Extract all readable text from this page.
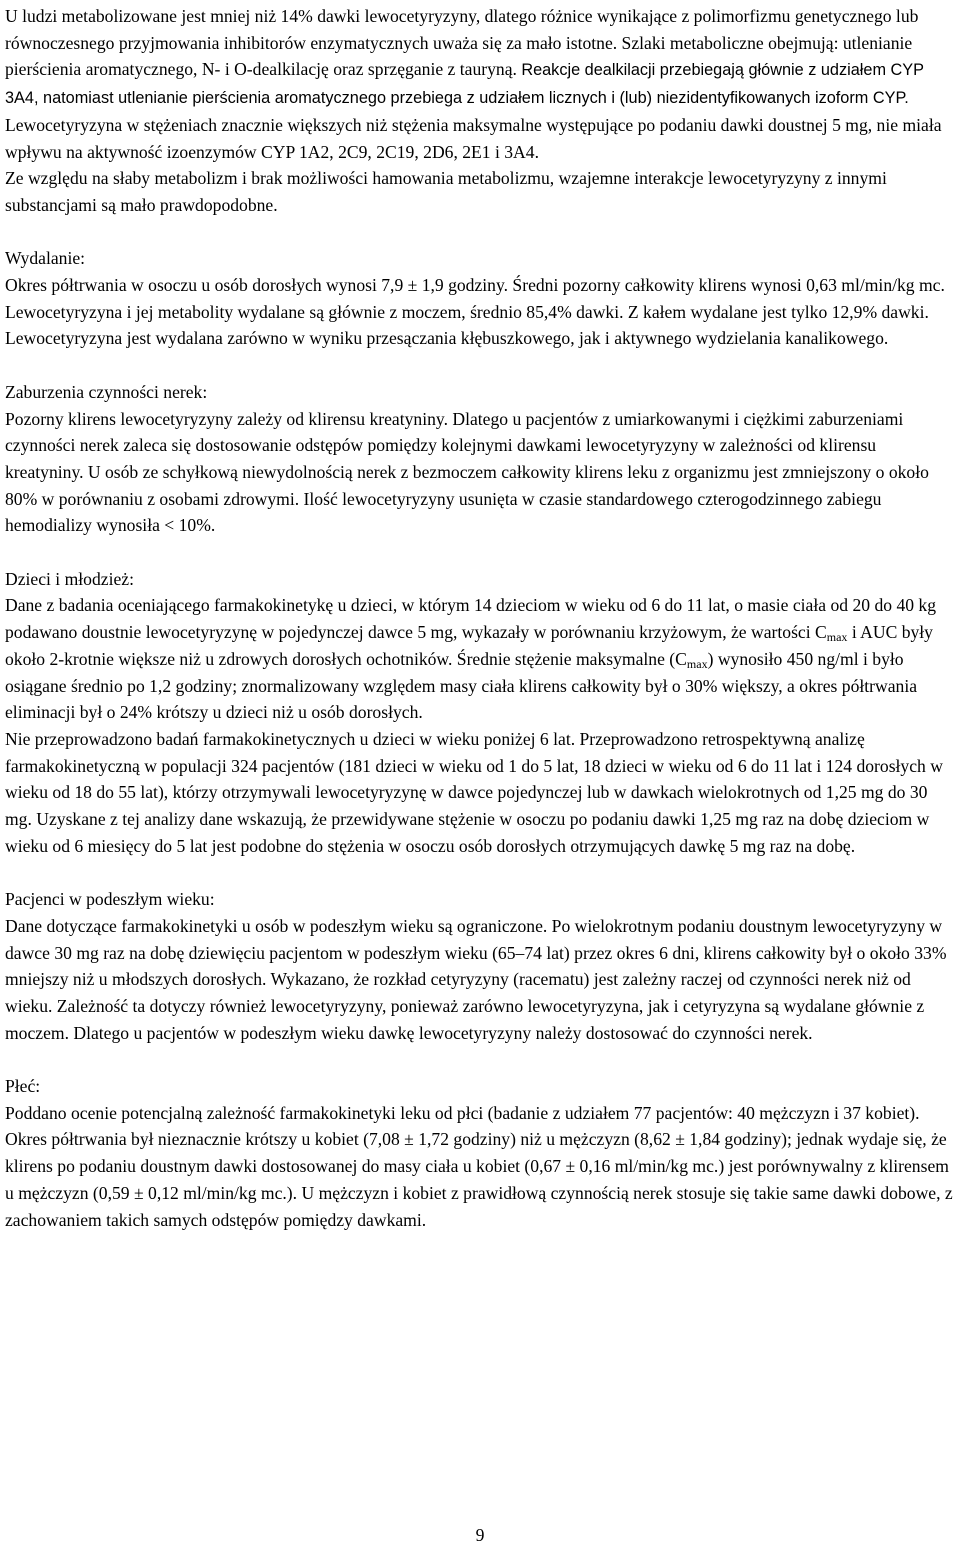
U ludzi metabolizowane jest mniej niż 14% dawki lewocetyryzyny, dlatego różnice wynikające z polimorfizmu genetycznego lub równoczesnego przyjmowania inhibitorów enzymatycznych uważa się za mało istotne. Szlaki metaboliczne obejmują: utlenianie pierścienia aromatycznego, N- i O-dealkilację oraz sprzęganie z tauryną. Reakcje dealkilacji przebiegają głównie z udziałem CYP 3A4, natomiast utlenianie pierścienia aromatycznego przebiega z udziałem licznych i (lub) niezidentyfikowanych izoform CYP. Lewocetyryzyna w stężeniach znacznie większych niż stężenia maksymalne występujące po podaniu dawki doustnej 5 mg, nie miała wpływu na aktywność izoenzymów CYP 1A2, 2C9, 2C19, 2D6, 2E1 i 3A4.

Ze względu na słaby metabolizm i brak możliwości hamowania metabolizmu, wzajemne interakcje lewocetyryzyny z innymi substancjami są mało prawdopodobne.

Wydalanie:

Okres półtrwania w osoczu u osób dorosłych wynosi 7,9 ± 1,9 godziny. Średni pozorny całkowity klirens wynosi 0,63 ml/min/kg mc. Lewocetyryzyna i jej metabolity wydalane są głównie z moczem, średnio 85,4% dawki. Z kałem wydalane jest tylko 12,9% dawki. Lewocetyryzyna jest wydalana zarówno w wyniku przesączania kłębuszkowego, jak i aktywnego wydzielania kanalikowego.

Zaburzenia czynności nerek:

Pozorny klirens lewocetyryzyny zależy od klirensu kreatyniny. Dlatego u pacjentów z umiarkowanymi i ciężkimi zaburzeniami czynności nerek zaleca się dostosowanie odstępów pomiędzy kolejnymi dawkami lewocetyryzyny w zależności od klirensu kreatyniny. U osób ze schyłkową niewydolnością nerek z bezmoczem całkowity klirens leku z organizmu jest zmniejszony o około 80% w porównaniu z osobami zdrowymi. Ilość lewocetyryzyny usunięta w czasie standardowego czterogodzinnego zabiegu hemodializy wynosiła < 10%.

Dzieci i młodzież:

Dane z badania oceniającego farmakokinetykę u dzieci, w którym 14 dzieciom w wieku od 6 do 11 lat, o masie ciała od 20 do 40 kg podawano doustnie lewocetyryzynę w pojedynczej dawce 5 mg, wykazały w porównaniu krzyżowym, że wartości $C_{max}$ i AUC były około 2-krotnie większe niż u zdrowych dorosłych ochotników. Średnie stężenie maksymalne $(C_{max})$ wynosiło 450 ng/ml i było osiągane średnio po 1,2 godziny; znormalizowany względem masy ciała klirens całkowity był o 30% większy, a okres półtrwania eliminacji był o 24% krótszy u dzieci niż u osób dorosłych.

Nie przeprowadzono badań farmakokinetycznych u dzieci w wieku poniżej 6 lat. Przeprowadzono retrospektywną analizę farmakokinetyczną w populacji 324 pacjentów (181 dzieci w wieku od 1 do 5 lat, 18 dzieci w wieku od 6 do 11 lat i 124 dorosłych w wieku od 18 do 55 lat), którzy otrzymywali lewocetyryzynę w dawce pojedynczej lub w dawkach wielokrotnych od 1,25 mg do 30 mg. Uzyskane z tej analizy dane wskazują, że przewidywane stężenie w osoczu po podaniu dawki 1,25 mg raz na dobę dzieciom w wieku od 6 miesięcy do 5 lat jest podobne do stężenia w osoczu osób dorosłych otrzymujących dawkę 5 mg raz na dobę.

Pacjenci w podeszłym wieku:

Dane dotyczące farmakokinetyki u osób w podeszłym wieku są ograniczone. Po wielokrotnym podaniu doustnym lewocetyryzyny w dawce 30 mg raz na dobę dziewięciu pacjentom w podeszłym wieku (65–74 lat) przez okres 6 dni, klirens całkowity był o około 33% mniejszy niż u młodszych dorosłych. Wykazano, że rozkład cetyryzyny (racematu) jest zależny raczej od czynności nerek niż od wieku. Zależność ta dotyczy również lewocetyryzyny, ponieważ zarówno lewocetyryzyna, jak i cetyryzyna są wydalane głównie z moczem. Dlatego u pacjentów w podeszłym wieku dawkę lewocetyryzyny należy dostosować do czynności nerek.

Płeć:

Poddano ocenie potencjalną zależność farmakokinetyki leku od płci (badanie z udziałem 77 pacjentów: 40 mężczyzn i 37 kobiet). Okres półtrwania był nieznacznie krótszy u kobiet (7,08 ± 1,72 godziny) niż u mężczyzn (8,62 ± 1,84 godziny); jednak wydaje się, że klirens po podaniu doustnym dawki dostosowanej do masy ciała u kobiet (0,67 ± 0,16 ml/min/kg mc.) jest porównywalny z klirensem u mężczyzn (0,59 ± 0,12 ml/min/kg mc.). U mężczyzn i kobiet z prawidłową czynnością nerek stosuje się takie same dawki dobowe, z zachowaniem takich samych odstępów pomiędzy dawkami.

9
